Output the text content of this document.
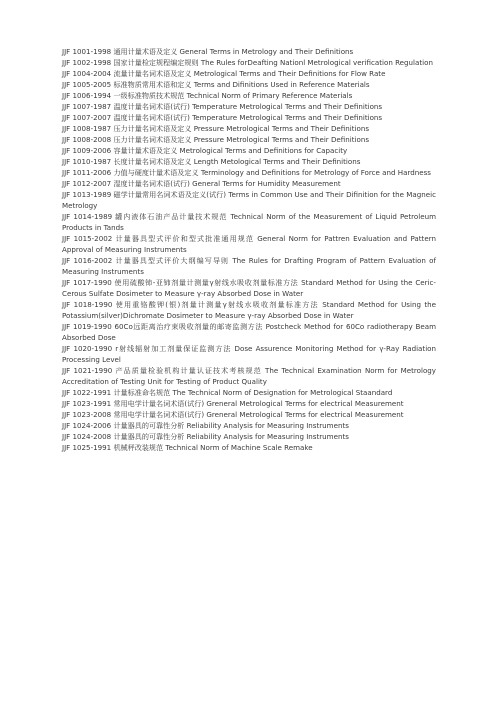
JJF 1001-1998 通用计量术语及定义 General Terms in Metrology and Their Definitions
JJF 1002-1998 国家计量检定规程编定规则 The Rules forDeafting Nationl Metrological verification Regulation
JJF 1004-2004 流量计量名词术语及定义 Metrological Terms and Their Definitions for Flow Rate
JJF 1005-2005 标准物质常用术语和定义 Terms and Difinitions Used in Reference Materials
JJF 1006-1994 一级标准物质技术规范 Technical Norm of Primary Reference Materials
JJF 1007-1987 温度计量名词术语(试行) Temperature Metrological Terms and Their Definitions
JJF 1007-2007 温度计量名词术语(试行) Temperature Metrological Terms and Their Definitions
JJF 1008-1987 压力计量名词术语及定义 Pressure Metrological Terms and Their Definitions
JJF 1008-2008 压力计量名词术语及定义 Pressure Metrological Terms and Their Definitions
JJF 1009-2006 容量计量术语及定义 Metrological Terms and Definitions for Capacity
JJF 1010-1987 长度计量名词术语及定义 Length Metological Terms and Their Definitions
JJF 1011-2006 力值与硬度计量术语及定义 Terminology and Definitions for Metrology of Force and Hardness
JJF 1012-2007 湿度计量名词术语(试行) General Terms for Humidity Measurement
JJF 1013-1989 磁学计量常用名词术语及定义(试行) Terms in Common Use and Their Difinition for the Magneic Metrology
JJF 1014-1989 罐内液体石油产品计量技术规范 Technical Norm of the Measurement of Liquid Petroleum Products in Tands
JJF 1015-2002 计量器具型式评价和型式批准通用规范 General Norm for Pattren Evaluation and Pattern Approval of Measuring Instruments
JJF 1016-2002 计量器具型式评价大纲编写导则 The Rules for Drafting Program of Pattern Evaluation of Measuring Instruments
JJF 1017-1990 使用硫酸铈-亚铈剂量计测量γ射线水吸收剂量标准方法 Standard Method for Using the Ceric-Cerous Sulfate Dosimeter to Measure γ-ray Absorbed Dose in Water
JJF 1018-1990 使用重铬酸钾(银)剂量计测量γ射线水吸收剂量标准方法 Standard Method for Using the Potassium(silver)Dichromate Dosimeter to Measure γ-ray Absorbed Dose in Water
JJF 1019-1990 60Co远距离治疗束吸收剂量的邮寄监测方法 Postcheck Method for 60Co radiotherapy Beam Absorbed Dose
JJF 1020-1990 r射线辐射加工剂量保证监测方法 Dose Assurence Monitoring Method for γ-Ray Radiation Processing Level
JJF 1021-1990 产品质量检验机构计量认证技术考核规范 The Technical Examination Norm for Metrology Accreditation of Testing Unit for Testing of Product Quality
JJF 1022-1991 计量标准命名规范 The Technical Norm of Designation for Metrological Staandard
JJF 1023-1991 常用电学计量名词术语(试行) Greneral Metrological Terms for electrical Measurement
JJF 1023-2008 常用电学计量名词术语(试行) Greneral Metrological Terms for electrical Measurement
JJF 1024-2006 计量器具的可靠性分析 Reliability Analysis for Measuring Instruments
JJF 1024-2008 计量器具的可靠性分析 Reliability Analysis for Measuring Instruments
JJF 1025-1991 机械秤改装规范 Technical Norm of Machine Scale Remake
